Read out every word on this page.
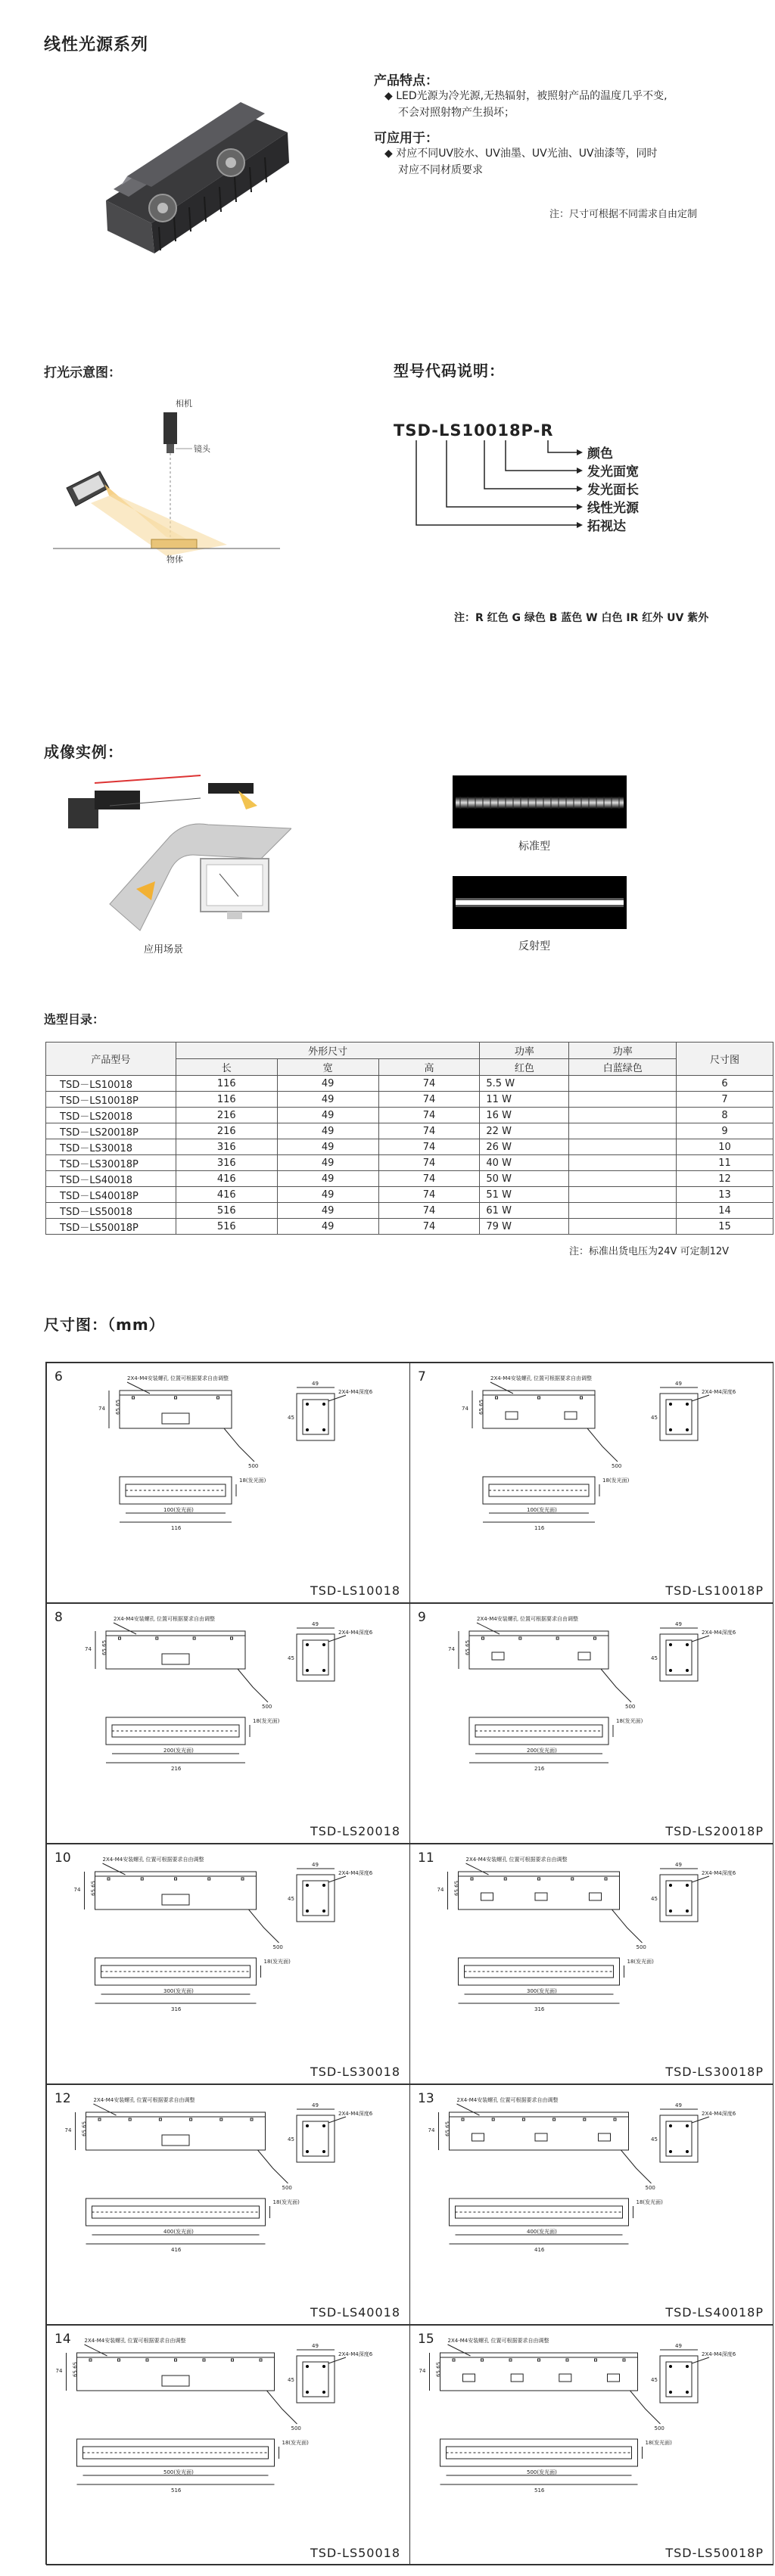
线性光源系列
产品特点：
◆ LED光源为冷光源,无热辐射，被照射产品的温度几乎不变,
不会对照射物产生损坏；
可应用于：
◆ 对应不同UV胶水、UV油墨、UV光油、UV油漆等，同时
对应不同材质要求
注：尺寸可根据不同需求自由定制
打光示意图：
相机
镜头
物体
型号代码说明：
TSD-LS10018P-R
颜色
发光面宽
发光面长
线性光源
拓视达
注：R 红色 G 绿色 B 蓝色 W 白色 IR 红外 UV 紫外
成像实例：
应用场景
标准型
反射型
选型目录：
产品型号	外形尺寸			功率	功率	尺寸图
	长	宽	高	红色	白蓝绿色	
TSD－LS10018	116	49	74	5.5 W		6
TSD－LS10018P	116	49	74	11 W		7
TSD－LS20018	216	49	74	16 W		8
TSD－LS20018P	216	49	74	22 W		9
TSD－LS30018	316	49	74	26 W		10
TSD－LS30018P	316	49	74	40 W		11
TSD－LS40018	416	49	74	50 W		12
TSD－LS40018P	416	49	74	51 W		13
TSD－LS50018	516	49	74	61 W		14
TSD－LS50018P	516	49	74	79 W		15
注：标准出货电压为24V 可定制12V
尺寸图：（mm）
6	2X4-M4安装螺孔 位置可根据要求自由调整
74 65.65
500
49
45
2X4-M4深度6
18(发光面)
100(发光面)
116
TSD-LS10018
7	2X4-M4安装螺孔 位置可根据要求自由调整
74 65.65
500
49
45
2X4-M4深度6
18(发光面)
100(发光面)
116
TSD-LS10018P
8	2X4-M4安装螺孔 位置可根据要求自由调整
74 65.65
500
49
45
2X4-M4深度6
18(发光面)
200(发光面)
216
TSD-LS20018
9	2X4-M4安装螺孔 位置可根据要求自由调整
74 65.65
500
49
45
2X4-M4深度6
18(发光面)
200(发光面)
216
TSD-LS20018P
10	2X4-M4安装螺孔 位置可根据要求自由调整
74 65.65
500
49
45
2X4-M4深度6
18(发光面)
300(发光面)
316
TSD-LS30018
11	2X4-M4安装螺孔 位置可根据要求自由调整
74 65.65
500
49
45
2X4-M4深度6
18(发光面)
300(发光面)
316
TSD-LS30018P
12	2X4-M4安装螺孔 位置可根据要求自由调整
74 65.65
500
49
45
2X4-M4深度6
18(发光面)
400(发光面)
416
TSD-LS40018
13	2X4-M4安装螺孔 位置可根据要求自由调整
74 65.65
500
49
45
2X4-M4深度6
18(发光面)
400(发光面)
416
TSD-LS40018P
14	2X4-M4安装螺孔 位置可根据要求自由调整
74 65.65
500
49
45
2X4-M4深度6
18(发光面)
500(发光面)
516
TSD-LS50018
15	2X4-M4安装螺孔 位置可根据要求自由调整
74 65.65
500
49
45
2X4-M4深度6
18(发光面)
500(发光面)
516
TSD-LS50018P
